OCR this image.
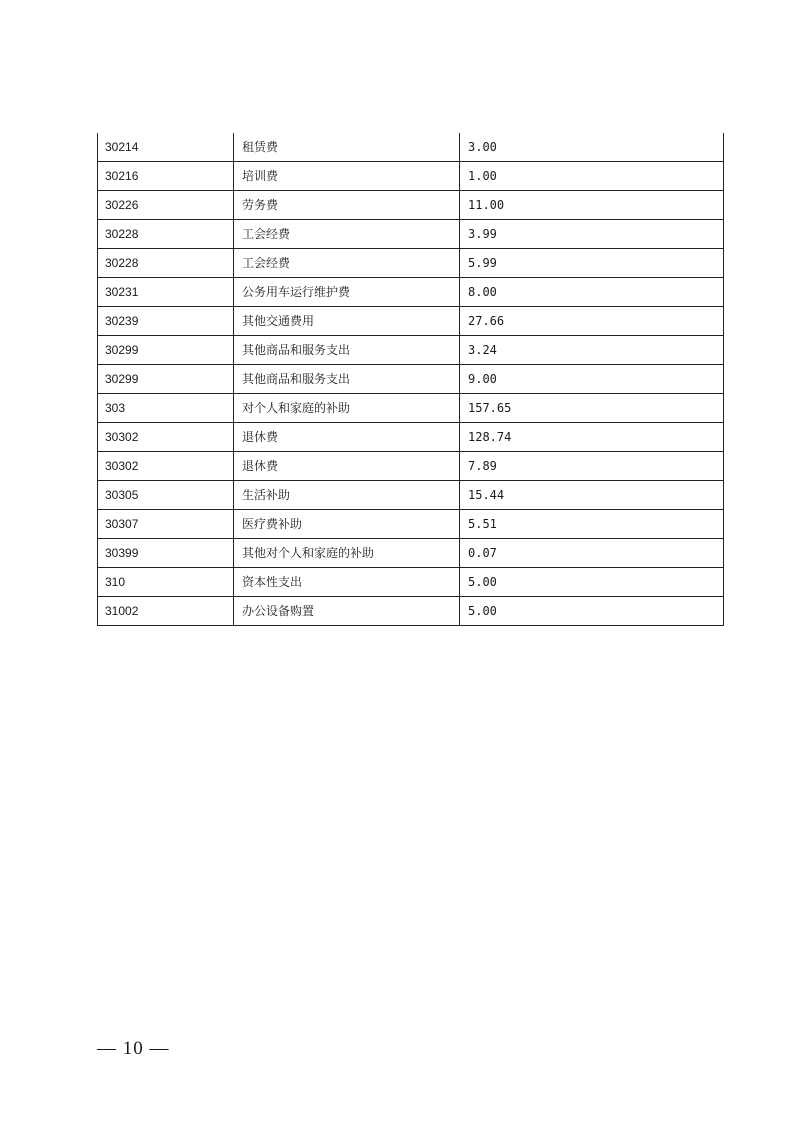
30214	租赁费	3.00
30216	培训费	1.00
30226	劳务费	11.00
30228	工会经费	3.99
30228	工会经费	5.99
30231	公务用车运行维护费	8.00
30239	其他交通费用	27.66
30299	其他商品和服务支出	3.24
30299	其他商品和服务支出	9.00
303	对个人和家庭的补助	157.65
30302	退休费	128.74
30302	退休费	7.89
30305	生活补助	15.44
30307	医疗费补助	5.51
30399	其他对个人和家庭的补助	0.07
310	资本性支出	5.00
31002	办公设备购置	5.00
— 10 —
